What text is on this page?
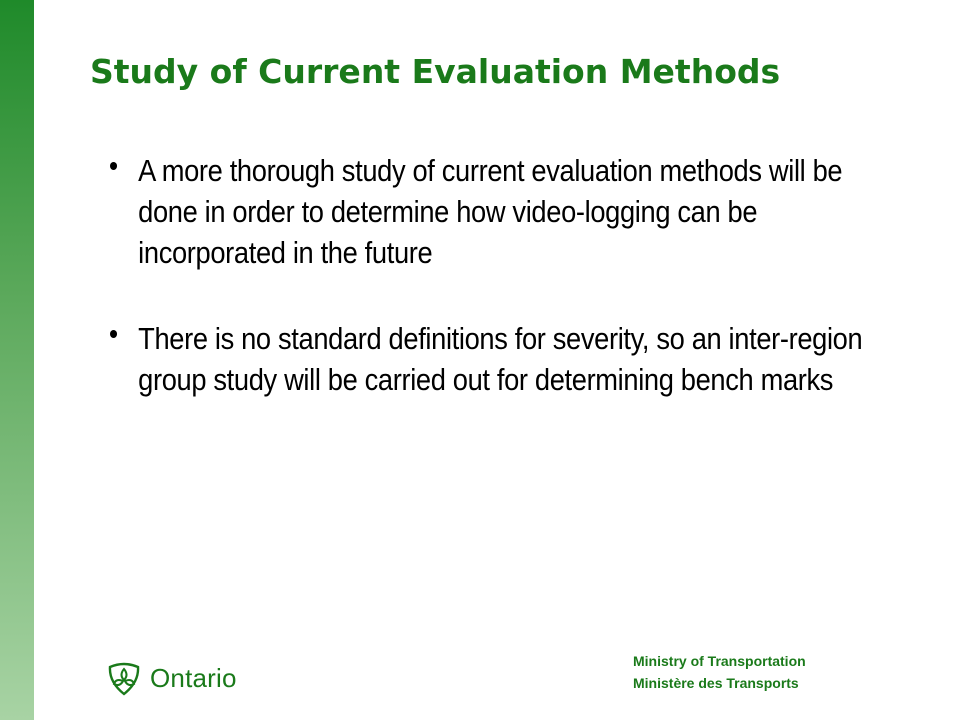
Study of Current Evaluation Methods
A more thorough study of current evaluation methods will be done in order to determine how video-logging can be incorporated in the future
There is no standard definitions for severity, so an inter-region group study will be carried out for determining bench marks
Ontario
Ministry of Transportation
Ministère des Transports
